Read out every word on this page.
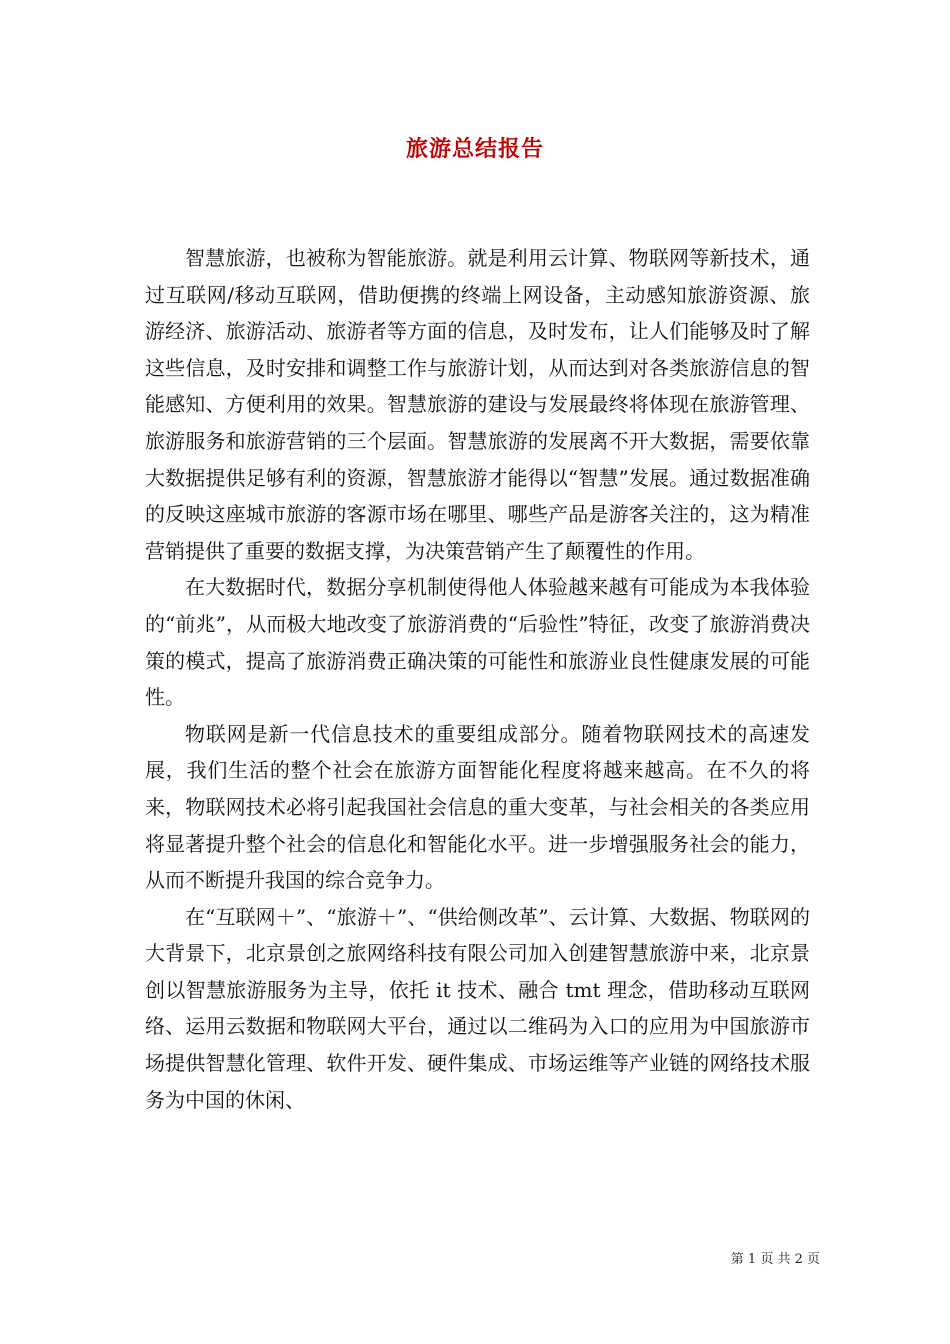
旅游总结报告

智慧旅游，也被称为智能旅游。就是利用云计算、物联网等新技术，通过互联网/移动互联网，借助便携的终端上网设备，主动感知旅游资源、旅游经济、旅游活动、旅游者等方面的信息，及时发布，让人们能够及时了解这些信息，及时安排和调整工作与旅游计划，从而达到对各类旅游信息的智能感知、方便利用的效果。智慧旅游的建设与发展最终将体现在旅游管理、旅游服务和旅游营销的三个层面。智慧旅游的发展离不开大数据，需要依靠大数据提供足够有利的资源，智慧旅游才能得以“智慧”发展。通过数据准确的反映这座城市旅游的客源市场在哪里、哪些产品是游客关注的，这为精准营销提供了重要的数据支撑，为决策营销产生了颠覆性的作用。

在大数据时代，数据分享机制使得他人体验越来越有可能成为本我体验的“前兆”，从而极大地改变了旅游消费的“后验性”特征，改变了旅游消费决策的模式，提高了旅游消费正确决策的可能性和旅游业良性健康发展的可能性。

物联网是新一代信息技术的重要组成部分。随着物联网技术的高速发展，我们生活的整个社会在旅游方面智能化程度将越来越高。在不久的将来，物联网技术必将引起我国社会信息的重大变革，与社会相关的各类应用将显著提升整个社会的信息化和智能化水平。进一步增强服务社会的能力，从而不断提升我国的综合竞争力。

在“互联网＋”、“旅游＋”、“供给侧改革”、云计算、大数据、物联网的大背景下，北京景创之旅网络科技有限公司加入创建智慧旅游中来，北京景创以智慧旅游服务为主导，依托 it 技术、融合 tmt 理念，借助移动互联网络、运用云数据和物联网大平台，通过以二维码为入口的应用为中国旅游市场提供智慧化管理、软件开发、硬件集成、市场运维等产业链的网络技术服务为中国的休闲、

第 1 页 共 2 页
